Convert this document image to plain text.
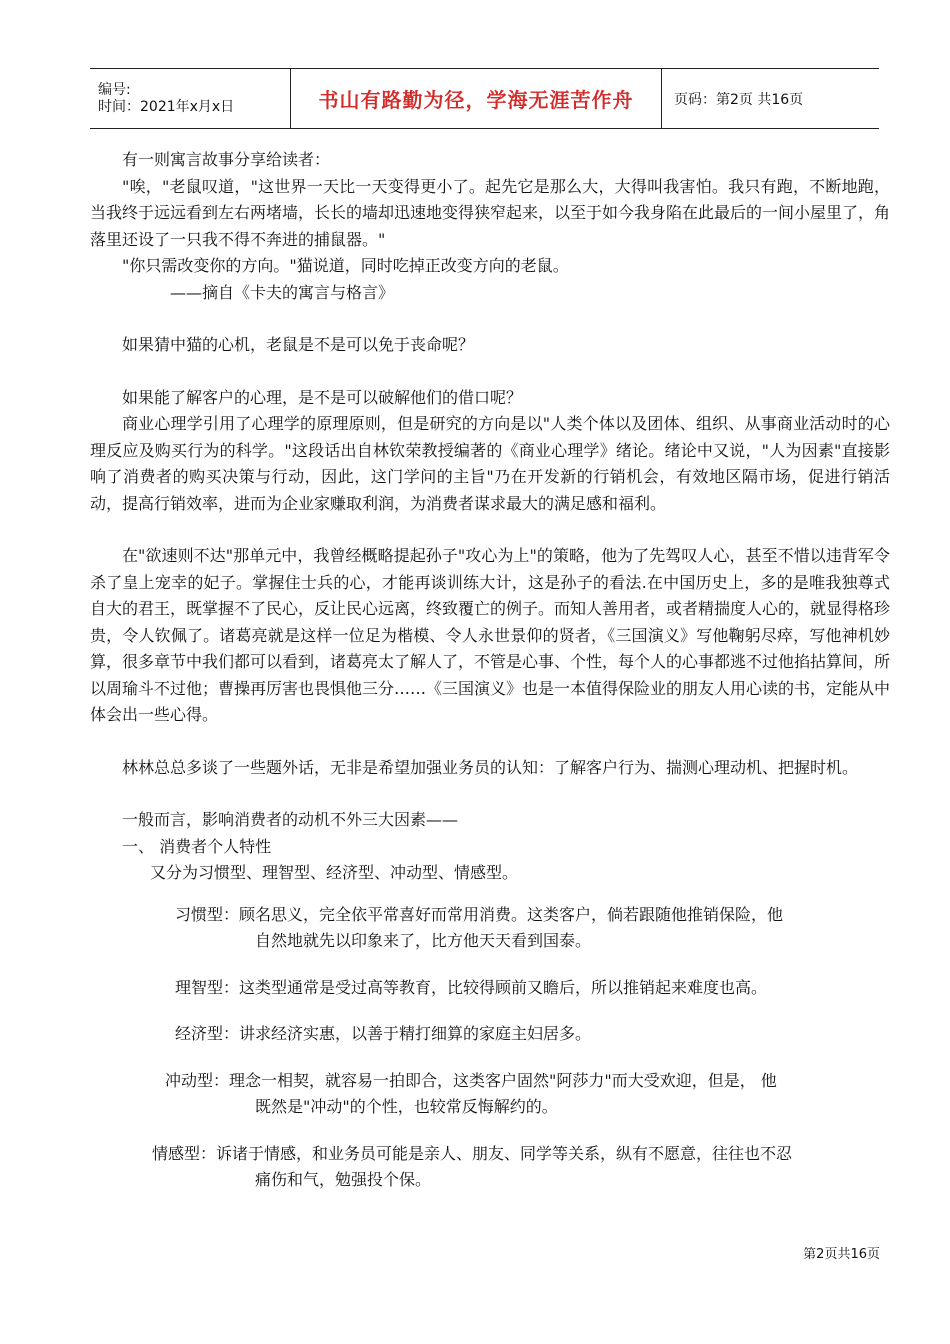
编号:
时间：2021年x月x日	书山有路勤为径，学海无涯苦作舟	页码：第2页 共16页

有一则寓言故事分享给读者：

"唉，"老鼠叹道，"这世界一天比一天变得更小了。起先它是那么大，大得叫我害怕。我只有跑，不断地跑，当我终于远远看到左右两堵墙，长长的墙却迅速地变得狭窄起来，以至于如今我身陷在此最后的一间小屋里了，角落里还设了一只我不得不奔进的捕鼠器。"

"你只需改变你的方向。"猫说道，同时吃掉正改变方向的老鼠。

——摘自《卡夫的寓言与格言》

如果猜中猫的心机，老鼠是不是可以免于丧命呢？

如果能了解客户的心理，是不是可以破解他们的借口呢？

商业心理学引用了心理学的原理原则，但是研究的方向是以"人类个体以及团体、组织、从事商业活动时的心理反应及购买行为的科学。"这段话出自林钦荣教授编著的《商业心理学》绪论。绪论中又说，"人为因素"直接影响了消费者的购买决策与行动，因此，这门学问的主旨"乃在开发新的行销机会，有效地区隔市场，促进行销活动，提高行销效率，进而为企业家赚取利润，为消费者谋求最大的满足感和福利。

在"欲速则不达"那单元中，我曾经概略提起孙子"攻心为上"的策略，他为了先驾叹人心，甚至不惜以违背军令杀了皇上宠幸的妃子。掌握住士兵的心，才能再谈训练大计，这是孙子的看法.在中国历史上，多的是唯我独尊式自大的君王，既掌握不了民心，反让民心远离，终致覆亡的例子。而知人善用者，或者精揣度人心的，就显得格珍贵，令人钦佩了。诸葛亮就是这样一位足为楷模、令人永世景仰的贤者，《三国演义》写他鞠躬尽瘁，写他神机妙算，很多章节中我们都可以看到，诸葛亮太了解人了，不管是心事、个性，每个人的心事都逃不过他掐拈算间，所以周瑜斗不过他；曹操再厉害也畏惧他三分……《三国演义》也是一本值得保险业的朋友人用心读的书，定能从中体会出一些心得。

林林总总多谈了一些题外话，无非是希望加强业务员的认知：了解客户行为、揣测心理动机、把握时机。

一般而言，影响消费者的动机不外三大因素——

一、 消费者个人特性

又分为习惯型、理智型、经济型、冲动型、情感型。

习惯型：顾名思义，完全依平常喜好而常用消费。这类客户，倘若跟随他推销保险，他
自然地就先以印象来了，比方他天天看到国泰。
理智型：这类型通常是受过高等教育，比较得顾前又瞻后，所以推销起来难度也高。
经济型：讲求经济实惠，以善于精打细算的家庭主妇居多。
冲动型：理念一相契，就容易一拍即合，这类客户固然"阿莎力"而大受欢迎，但是， 他
既然是"冲动"的个性，也较常反悔解约的。
情感型：诉诸于情感，和业务员可能是亲人、朋友、同学等关系，纵有不愿意，往往也不忍
痛伤和气，勉强投个保。
第2页共16页
